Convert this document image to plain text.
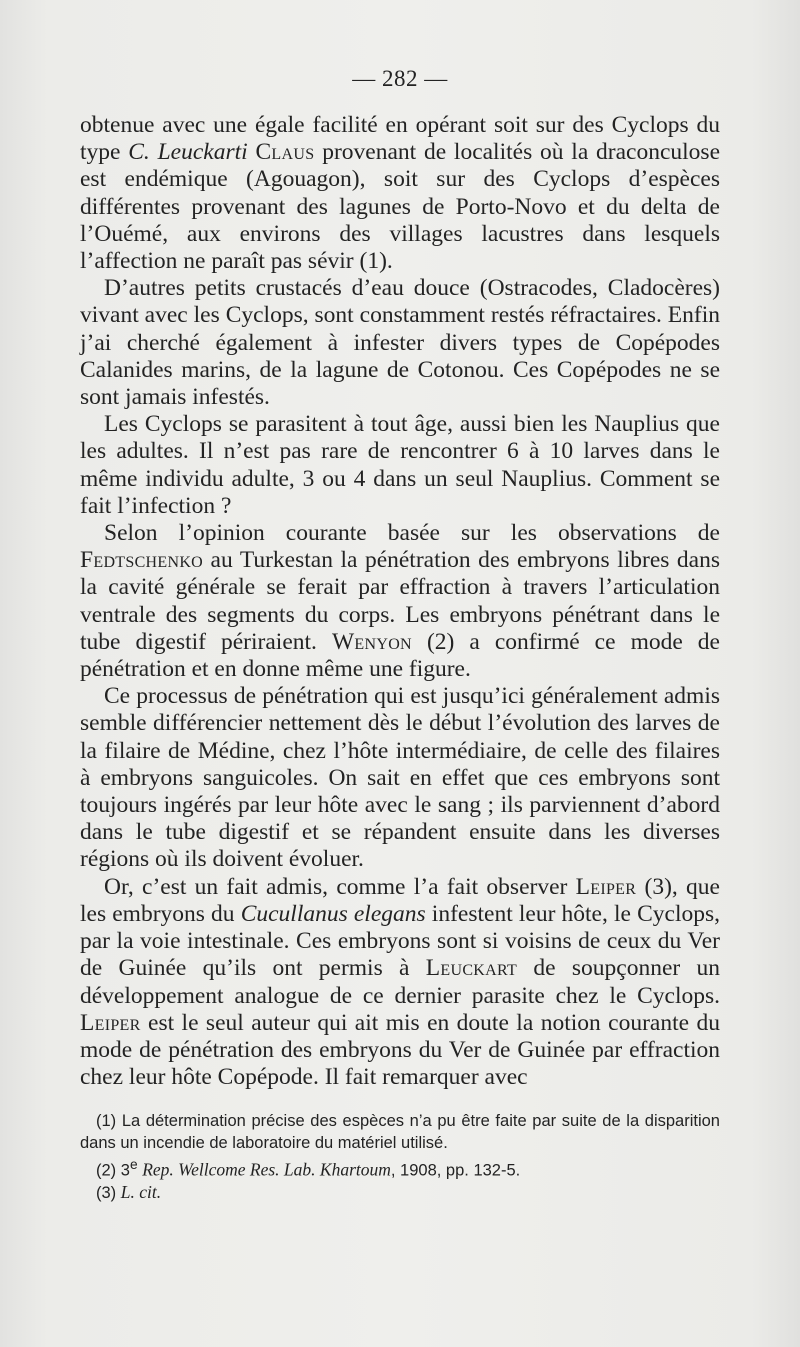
— 282 —

obtenue avec une égale facilité en opérant soit sur des Cyclops du type C. Leuckarti Claus provenant de localités où la draconculose est endémique (Agouagon), soit sur des Cyclops d’espèces différentes provenant des lagunes de Porto-Novo et du delta de l’Ouémé, aux environs des villages lacustres dans lesquels l’affection ne paraît pas sévir (1).

D’autres petits crustacés d’eau douce (Ostracodes, Cladocères) vivant avec les Cyclops, sont constamment restés réfractaires. Enfin j’ai cherché également à infester divers types de Copépodes Calanides marins, de la lagune de Cotonou. Ces Copépodes ne se sont jamais infestés.

Les Cyclops se parasitent à tout âge, aussi bien les Nauplius que les adultes. Il n’est pas rare de rencontrer 6 à 10 larves dans le même individu adulte, 3 ou 4 dans un seul Nauplius. Comment se fait l’infection ?

Selon l’opinion courante basée sur les observations de Fedtschenko au Turkestan la pénétration des embryons libres dans la cavité générale se ferait par effraction à travers l’articulation ventrale des segments du corps. Les embryons pénétrant dans le tube digestif périraient. Wenyon (2) a confirmé ce mode de pénétration et en donne même une figure.

Ce processus de pénétration qui est jusqu’ici généralement admis semble différencier nettement dès le début l’évolution des larves de la filaire de Médine, chez l’hôte intermédiaire, de celle des filaires à embryons sanguicoles. On sait en effet que ces embryons sont toujours ingérés par leur hôte avec le sang ; ils parviennent d’abord dans le tube digestif et se répandent ensuite dans les diverses régions où ils doivent évoluer.

Or, c’est un fait admis, comme l’a fait observer Leiper (3), que les embryons du Cucullanus elegans infestent leur hôte, le Cyclops, par la voie intestinale. Ces embryons sont si voisins de ceux du Ver de Guinée qu’ils ont permis à Leuckart de soupçonner un développement analogue de ce dernier parasite chez le Cyclops. Leiper est le seul auteur qui ait mis en doute la notion courante du mode de pénétration des embryons du Ver de Guinée par effraction chez leur hôte Copépode. Il fait remarquer avec

(1) La détermination précise des espèces n’a pu être faite par suite de la disparition dans un incendie de laboratoire du matériel utilisé.

(2) 3e Rep. Wellcome Res. Lab. Khartoum, 1908, pp. 132-5.

(3) L. cit.
